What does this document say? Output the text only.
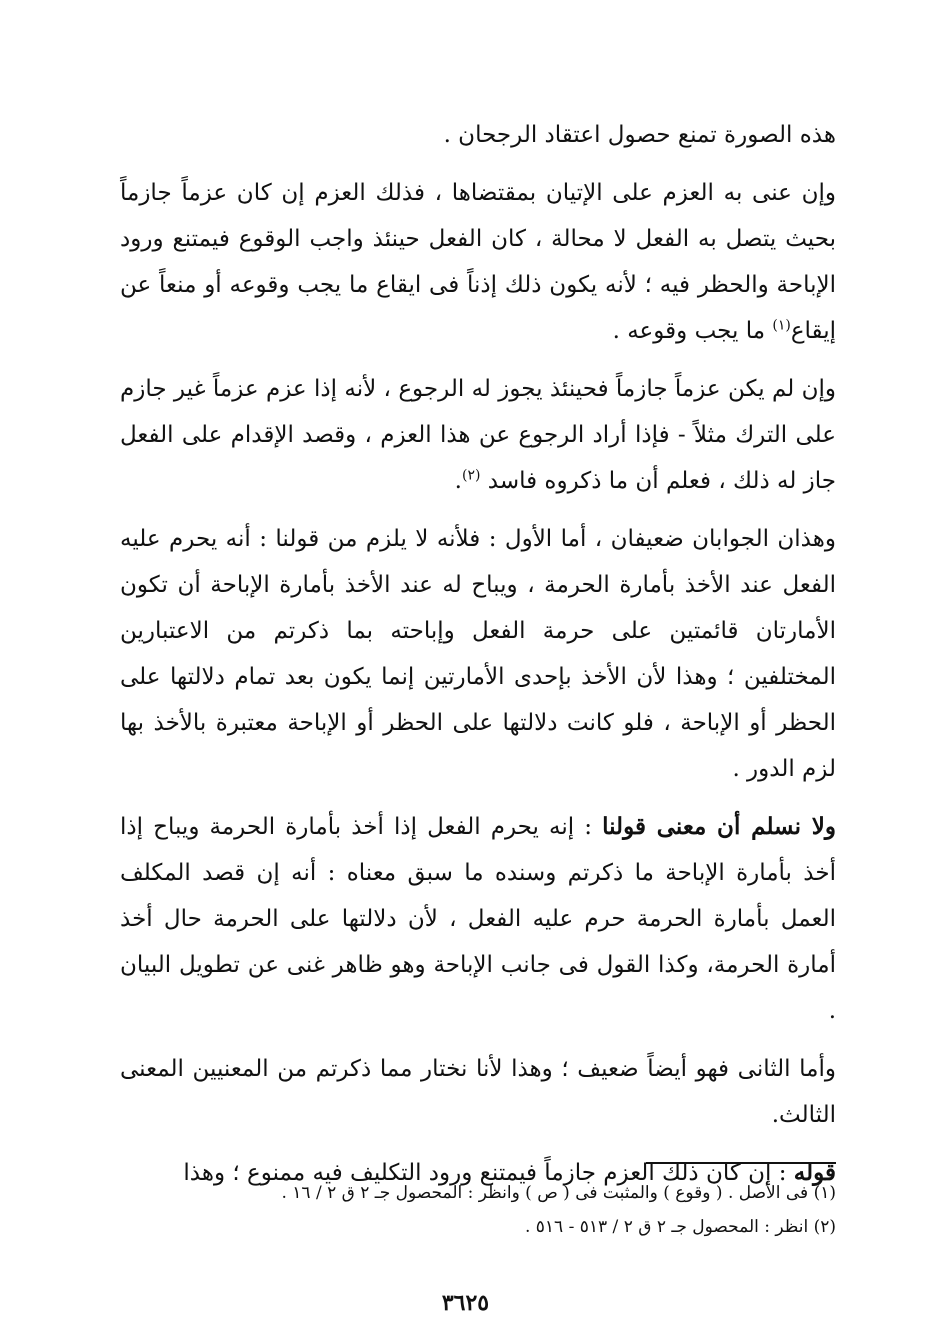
هذه الصورة تمنع حصول اعتقاد الرجحان .

وإن عنى به العزم على الإتيان بمقتضاها ، فذلك العزم إن كان عزماً جازماً بحيث يتصل به الفعل لا محالة ، كان الفعل حينئذ واجب الوقوع فيمتنع ورود الإباحة والحظر فيه ؛ لأنه يكون ذلك إذناً فى ايقاع ما يجب وقوعه أو منعاً عن إيقاع$^{(١)}$ ما يجب وقوعه .

وإن لم يكن عزماً جازماً فحينئذ يجوز له الرجوع ، لأنه إذا عزم عزماً غير جازم على الترك مثلاً - فإذا أراد الرجوع عن هذا العزم ، وقصد الإقدام على الفعل جاز له ذلك ، فعلم أن ما ذكروه فاسد $^{(٢)}$.

وهذان الجوابان ضعيفان ، أما الأول : فلأنه لا يلزم من قولنا : أنه يحرم عليه الفعل عند الأخذ بأمارة الحرمة ، ويباح له عند الأخذ بأمارة الإباحة أن تكون الأمارتان قائمتين على حرمة الفعل وإباحته بما ذكرتم من الاعتبارين المختلفين ؛ وهذا لأن الأخذ بإحدى الأمارتين إنما يكون بعد تمام دلالتها على الحظر أو الإباحة ، فلو كانت دلالتها على الحظر أو الإباحة معتبرة بالأخذ بها لزم الدور .

ولا نسلم أن معنى قولنا : إنه يحرم الفعل إذا أخذ بأمارة الحرمة ويباح إذا أخذ بأمارة الإباحة ما ذكرتم وسنده ما سبق معناه : أنه إن قصد المكلف العمل بأمارة الحرمة حرم عليه الفعل ، لأن دلالتها على الحرمة حال أخذ أمارة الحرمة، وكذا القول فى جانب الإباحة وهو ظاهر غنى عن تطويل البيان .

وأما الثانى فهو أيضاً ضعيف ؛ وهذا لأنا نختار مما ذكرتم من المعنيين المعنى الثالث.

قوله : إن كان ذلك العزم جازماً فيمتنع ورود التكليف فيه ممنوع ؛ وهذا

(١) فى الأصل . ( وقوع ) والمثبت فى ( ص ) وانظر : المحصول جـ ٢ ق ٢ / ١٦ .

(٢) انظر : المحصول جـ ٢ ق ٢ / ٥١٣ - ٥١٦ .

٣٦٢٥
